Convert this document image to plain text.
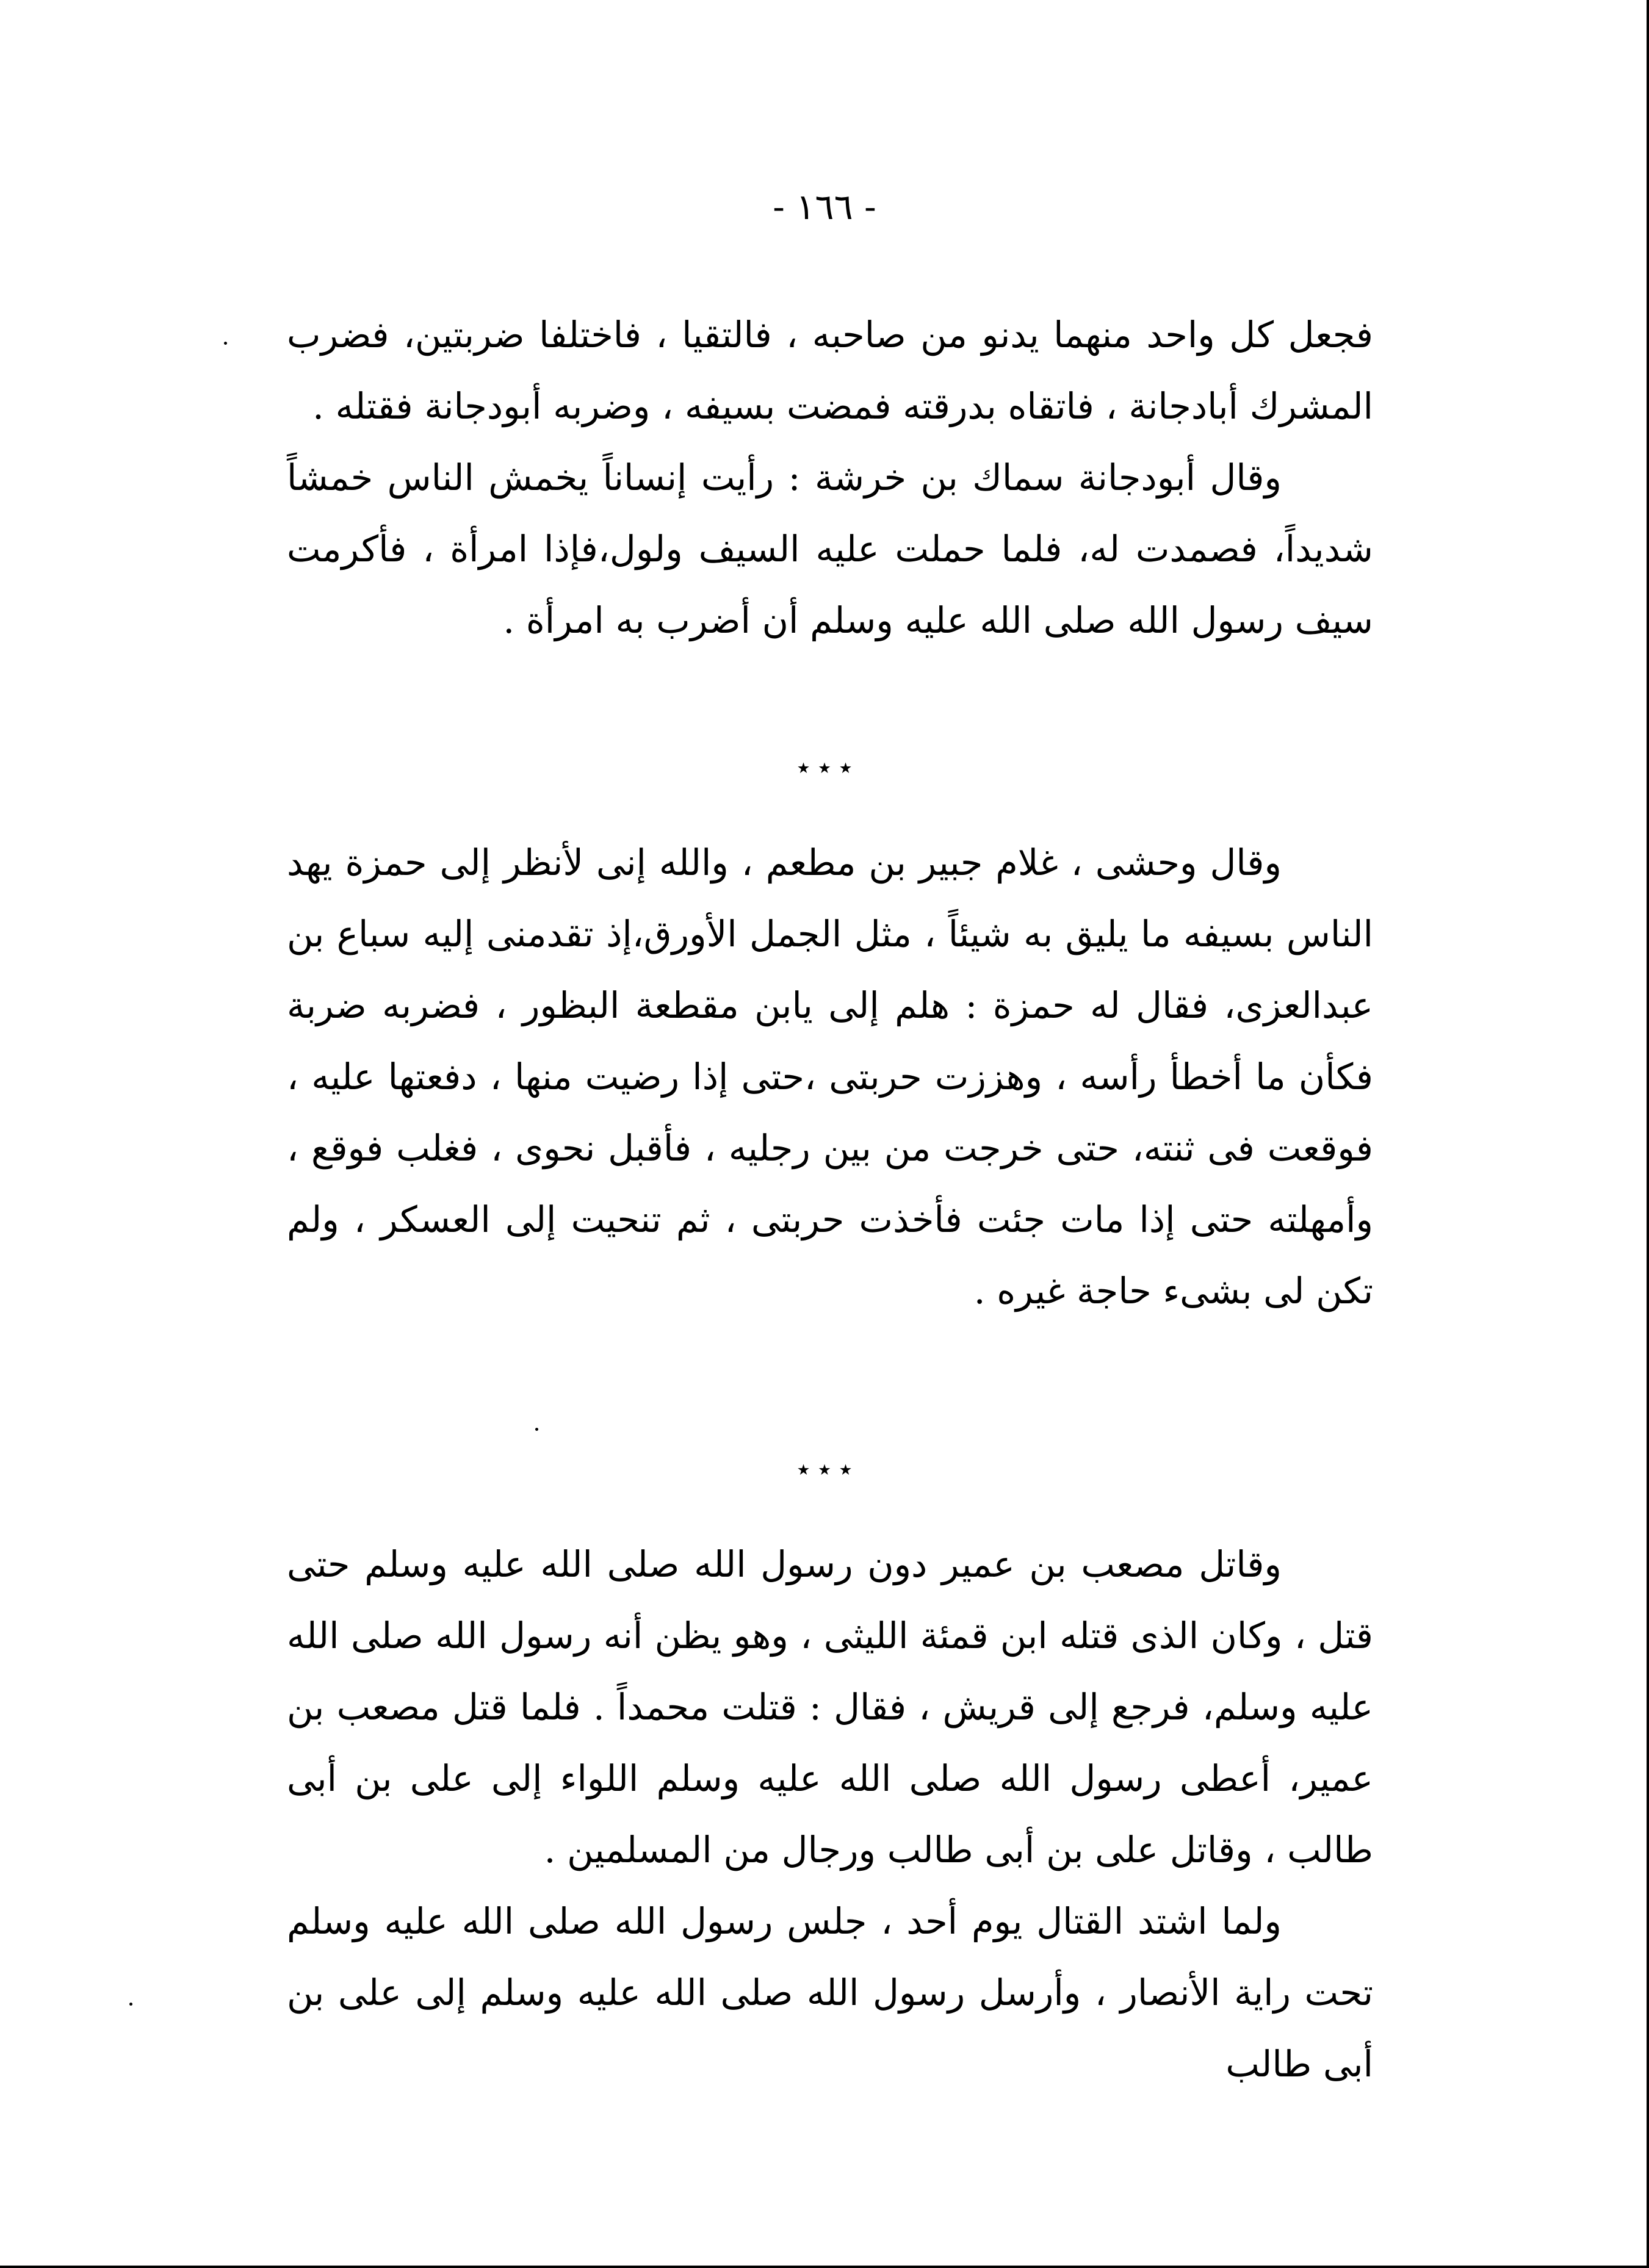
- ١٦٦ -

فجعل كل واحد منهما يدنو من صاحبه ، فالتقيا ، فاختلفا ضربتين، فضرب المشرك أبادجانة ، فاتقاه بدرقته فمضت بسيفه ، وضربه أبودجانة فقتله .

وقال أبودجانة سماك بن خرشة : رأيت إنساناً يخمش الناس خمشاً شديداً، فصمدت له، فلما حملت عليه السيف ولول،فإذا امرأة ، فأكرمت سيف رسول الله صلى الله عليه وسلم أن أضرب به امرأة .

٭ ٭ ٭

وقال وحشى ، غلام جبير بن مطعم ، والله إنى لأنظر إلى حمزة يهد الناس بسيفه ما يليق به شيئاً ، مثل الجمل الأورق،إذ تقدمنى إليه سباع بن عبدالعزى، فقال له حمزة : هلم إلى يابن مقطعة البظور ، فضربه ضربة فكأن ما أخطأ رأسه ، وهززت حربتى ،حتى إذا رضيت منها ، دفعتها عليه ، فوقعت فى ثنته، حتى خرجت من بين رجليه ، فأقبل نحوى ، فغلب فوقع ، وأمهلته حتى إذا مات جئت فأخذت حربتى ، ثم تنحيت إلى العسكر ، ولم تكن لى بشىء حاجة غيره .

٭ ٭ ٭

وقاتل مصعب بن عمير دون رسول الله صلى الله عليه وسلم حتى قتل ، وكان الذى قتله ابن قمئة الليثى ، وهو يظن أنه رسول الله صلى الله عليه وسلم، فرجع إلى قريش ، فقال : قتلت محمداً . فلما قتل مصعب بن عمير، أعطى رسول الله صلى الله عليه وسلم اللواء إلى على بن أبى طالب ، وقاتل على بن أبى طالب ورجال من المسلمين .

ولما اشتد القتال يوم أحد ، جلس رسول الله صلى الله عليه وسلم تحت راية الأنصار ، وأرسل رسول الله صلى الله عليه وسلم إلى على بن أبى طالب
